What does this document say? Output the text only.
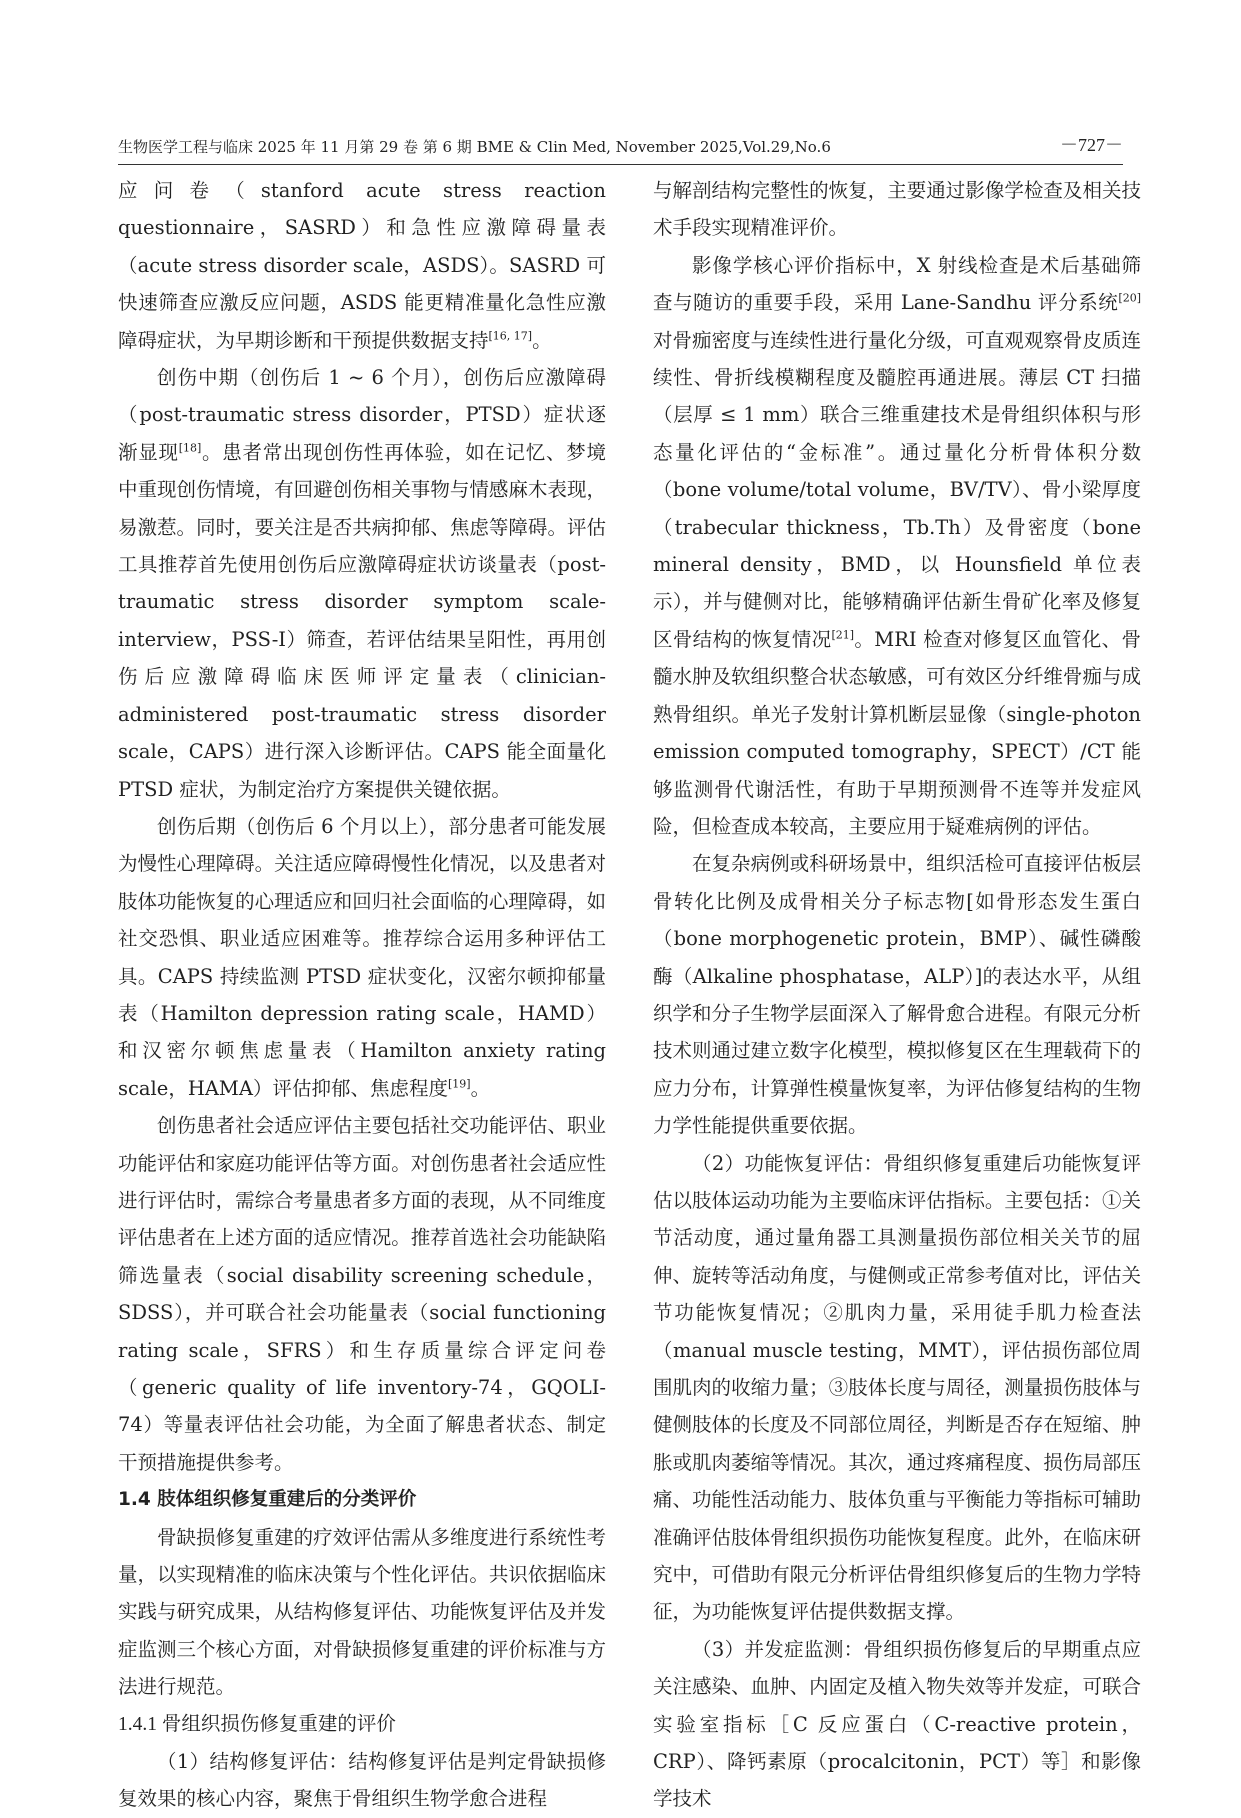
生物医学工程与临床 2025 年 11 月第 29 卷 第 6 期 BME & Clin Med, November 2025,Vol.29,No.6	－727－

应问卷（stanford acute stress reaction questionnaire，SASRD）和急性应激障碍量表（acute stress disorder scale，ASDS）。SASRD 可快速筛查应激反应问题，ASDS 能更精准量化急性应激障碍症状，为早期诊断和干预提供数据支持[16, 17]。

创伤中期（创伤后 1 ~ 6 个月），创伤后应激障碍（post-traumatic stress disorder，PTSD）症状逐渐显现[18]。患者常出现创伤性再体验，如在记忆、梦境中重现创伤情境，有回避创伤相关事物与情感麻木表现，易激惹。同时，要关注是否共病抑郁、焦虑等障碍。评估工具推荐首先使用创伤后应激障碍症状访谈量表（post-traumatic stress disorder symptom scale-interview，PSS-I）筛查，若评估结果呈阳性，再用创伤后应激障碍临床医师评定量表（clinician-administered post-traumatic stress disorder scale，CAPS）进行深入诊断评估。CAPS 能全面量化 PTSD 症状，为制定治疗方案提供关键依据。

创伤后期（创伤后 6 个月以上），部分患者可能发展为慢性心理障碍。关注适应障碍慢性化情况，以及患者对肢体功能恢复的心理适应和回归社会面临的心理障碍，如社交恐惧、职业适应困难等。推荐综合运用多种评估工具。CAPS 持续监测 PTSD 症状变化，汉密尔顿抑郁量表（Hamilton depression rating scale，HAMD）和汉密尔顿焦虑量表（Hamilton anxiety rating scale，HAMA）评估抑郁、焦虑程度[19]。

创伤患者社会适应评估主要包括社交功能评估、职业功能评估和家庭功能评估等方面。对创伤患者社会适应性进行评估时，需综合考量患者多方面的表现，从不同维度评估患者在上述方面的适应情况。推荐首选社会功能缺陷筛选量表（social disability screening schedule，SDSS），并可联合社会功能量表（social functioning rating scale，SFRS）和生存质量综合评定问卷（generic quality of life inventory-74，GQOLI-74）等量表评估社会功能，为全面了解患者状态、制定干预措施提供参考。

1.4 肢体组织修复重建后的分类评价

骨缺损修复重建的疗效评估需从多维度进行系统性考量，以实现精准的临床决策与个性化评估。共识依据临床实践与研究成果，从结构修复评估、功能恢复评估及并发症监测三个核心方面，对骨缺损修复重建的评价标准与方法进行规范。

1.4.1 骨组织损伤修复重建的评价

（1）结构修复评估：结构修复评估是判定骨缺损修复效果的核心内容，聚焦于骨组织生物学愈合进程

与解剖结构完整性的恢复，主要通过影像学检查及相关技术手段实现精准评价。

影像学核心评价指标中，X 射线检查是术后基础筛查与随访的重要手段，采用 Lane-Sandhu 评分系统[20]对骨痂密度与连续性进行量化分级，可直观观察骨皮质连续性、骨折线模糊程度及髓腔再通进展。薄层 CT 扫描（层厚 ≤ 1 mm）联合三维重建技术是骨组织体积与形态量化评估的“金标准”。通过量化分析骨体积分数（bone volume/total volume，BV/TV）、骨小梁厚度（trabecular thickness，Tb.Th）及骨密度（bone mineral density，BMD，以 Hounsfield 单位表示），并与健侧对比，能够精确评估新生骨矿化率及修复区骨结构的恢复情况[21]。MRI 检查对修复区血管化、骨髓水肿及软组织整合状态敏感，可有效区分纤维骨痂与成熟骨组织。单光子发射计算机断层显像（single-photon emission computed tomography，SPECT）/CT 能够监测骨代谢活性，有助于早期预测骨不连等并发症风险，但检查成本较高，主要应用于疑难病例的评估。

在复杂病例或科研场景中，组织活检可直接评估板层骨转化比例及成骨相关分子标志物[如骨形态发生蛋白（bone morphogenetic protein，BMP）、碱性磷酸酶（Alkaline phosphatase，ALP）]的表达水平，从组织学和分子生物学层面深入了解骨愈合进程。有限元分析技术则通过建立数字化模型，模拟修复区在生理载荷下的应力分布，计算弹性模量恢复率，为评估修复结构的生物力学性能提供重要依据。

（2）功能恢复评估：骨组织修复重建后功能恢复评估以肢体运动功能为主要临床评估指标。主要包括：①关节活动度，通过量角器工具测量损伤部位相关关节的屈伸、旋转等活动角度，与健侧或正常参考值对比，评估关节功能恢复情况；②肌肉力量，采用徒手肌力检查法（manual muscle testing，MMT），评估损伤部位周围肌肉的收缩力量；③肢体长度与周径，测量损伤肢体与健侧肢体的长度及不同部位周径，判断是否存在短缩、肿胀或肌肉萎缩等情况。其次，通过疼痛程度、损伤局部压痛、功能性活动能力、肢体负重与平衡能力等指标可辅助准确评估肢体骨组织损伤功能恢复程度。此外，在临床研究中，可借助有限元分析评估骨组织修复后的生物力学特征，为功能恢复评估提供数据支撑。

（3）并发症监测：骨组织损伤修复后的早期重点应关注感染、血肿、内固定及植入物失效等并发症，可联合实验室指标［C 反应蛋白（C-reactive protein，CRP）、降钙素原（procalcitonin，PCT）等］和影像学技术
